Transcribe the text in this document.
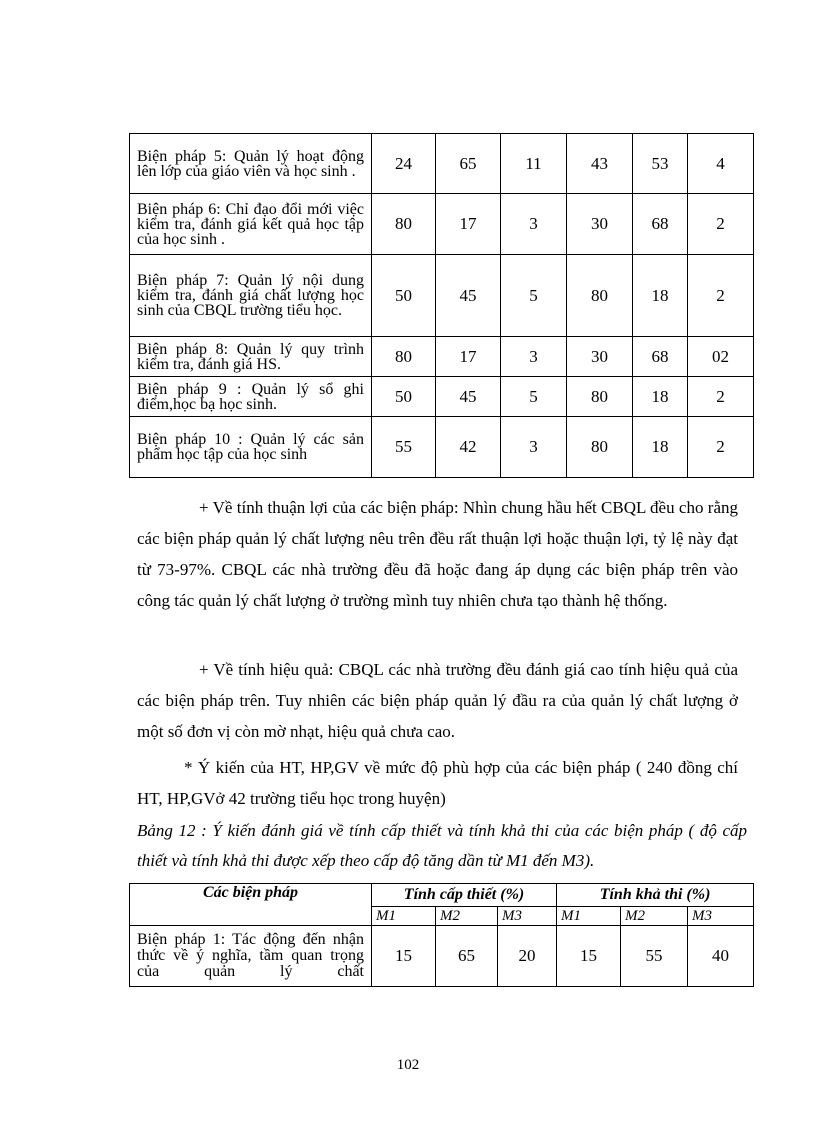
Biện pháp 5: Quản lý hoạt động lên lớp của giáo viên và học sinh .	24	65	11	43	53	4
Biện pháp 6: Chỉ đạo đổi mới việc kiểm tra, đánh giá kết quả học tập của học sinh .	80	17	3	30	68	2
Biện pháp 7: Quản lý nội dung kiểm tra, đánh giá chất lượng học sinh của CBQL trường tiểu học.	50	45	5	80	18	2
Biện pháp 8: Quản lý quy trình kiểm tra, đánh giá HS.	80	17	3	30	68	02
Biện pháp 9 : Quản lý sổ ghi điểm,học bạ học sinh.	50	45	5	80	18	2
Biện pháp 10 : Quản lý các sản phẩm học tập của học sinh	55	42	3	80	18	2

+ Về tính thuận lợi của các biện pháp: Nhìn chung hầu hết CBQL đều cho rằng các biện pháp quản lý chất lượng nêu trên đều rất thuận lợi hoặc thuận lợi, tỷ lệ này đạt từ 73-97%. CBQL các nhà trường đều đã hoặc đang áp dụng các biện pháp trên vào công tác quản lý chất lượng ở trường mình tuy nhiên chưa tạo thành hệ thống.

+ Về tính hiệu quả: CBQL các nhà trường đều đánh giá cao tính hiệu quả của các biện pháp trên. Tuy nhiên các biện pháp quản lý đầu ra của quản lý chất lượng ở một số đơn vị còn mờ nhạt, hiệu quả chưa cao.

* Ý kiến của HT, HP,GV về mức độ phù hợp của các biện pháp ( 240 đồng chí HT, HP,GVở 42 trường tiểu học trong huyện)

Bảng 12 : Ý kiến đánh giá về tính cấp thiết và tính khả thi của các biện pháp ( độ cấp thiết và tính khả thi được xếp theo cấp độ tăng dần từ M1 đến M3).

Các biện pháp	Tính cấp thiết (%)			Tính khả thi (%)		
	M1	M2	M3	M1	M2	M3
Biện pháp 1: Tác động đến nhận thức về ý nghĩa, tầm quan trọng của quản lý chất	15	65	20	15	55	40
102
